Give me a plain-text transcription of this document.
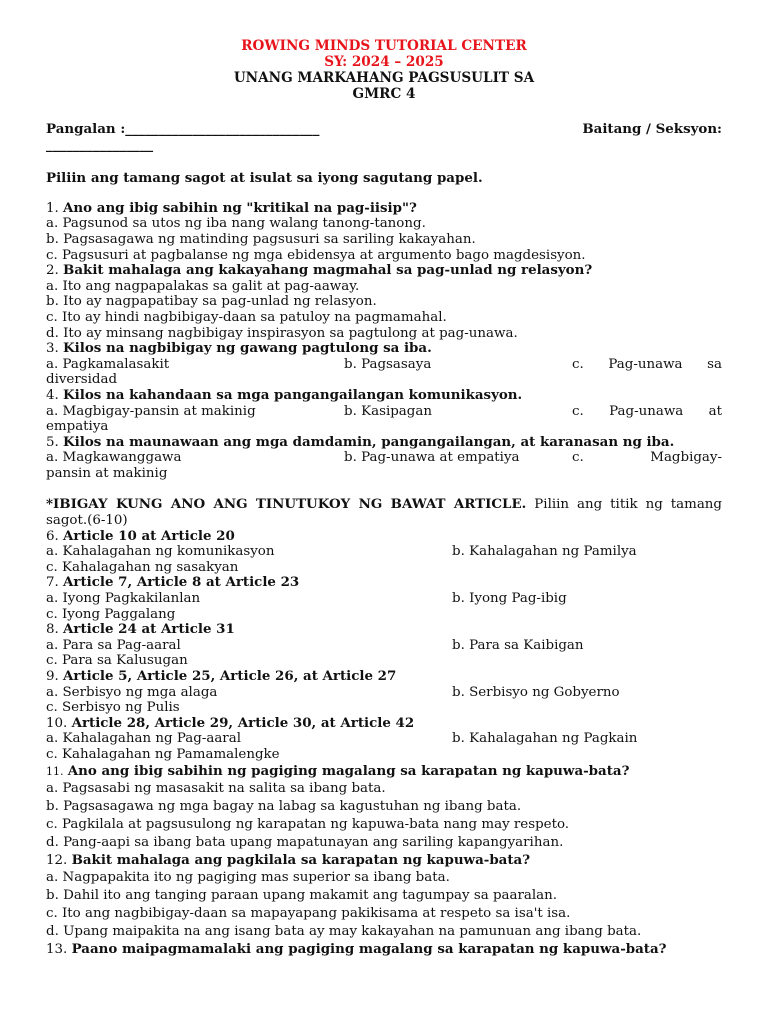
ROWING MINDS TUTORIAL CENTER
SY: 2024 – 2025
UNANG MARKAHANG PAGSUSULIT SA
GMRC 4
Pangalan :_____________________________	Baitang / Seksyon:
________________
Piliin ang tamang sagot at isulat sa iyong sagutang papel.
1. Ano ang ibig sabihin ng "kritikal na pag-iisip"?
a. Pagsunod sa utos ng iba nang walang tanong-tanong.
b. Pagsasagawa ng matinding pagsusuri sa sariling kakayahan.
c. Pagsusuri at pagbalanse ng mga ebidensya at argumento bago magdesisyon.
2. Bakit mahalaga ang kakayahang magmahal sa pag-unlad ng relasyon?
a. Ito ang nagpapalakas sa galit at pag-aaway.
b. Ito ay nagpapatibay sa pag-unlad ng relasyon.
c. Ito ay hindi nagbibigay-daan sa patuloy na pagmamahal.
d. Ito ay minsang nagbibigay inspirasyon sa pagtulong at pag-unawa.
3. Kilos na nagbibigay ng gawang pagtulong sa iba.
a. Pagkamalasakit	b. Pagsasaya	c. Pag-unawa sa
diversidad
4. Kilos na kahandaan sa mga pangangailangan komunikasyon.
a. Magbigay-pansin at makinig	b. Kasipagan	c. Pag-unawa at
empatiya
5. Kilos na maunawaan ang mga damdamin, pangangailangan, at karanasan ng iba.
a. Magkawanggawa	b. Pag-unawa at empatiya	c. Magbigay-
pansin at makinig
*IBIGAY KUNG ANO ANG TINUTUKOY NG BAWAT ARTICLE. Piliin ang titik ng tamang sagot.(6-10)
6. Article 10 at Article 20
a. Kahalagahan ng komunikasyon	b. Kahalagahan ng Pamilya
c. Kahalagahan ng sasakyan
7. Article 7, Article 8 at Article 23
a. Iyong Pagkakilanlan	b. Iyong Pag-ibig
c. Iyong Paggalang
8. Article 24 at Article 31
a. Para sa Pag-aaral	b. Para sa Kaibigan
c. Para sa Kalusugan
9. Article 5, Article 25, Article 26, at Article 27
a. Serbisyo ng mga alaga	b. Serbisyo ng Gobyerno
c. Serbisyo ng Pulis
10. Article 28, Article 29, Article 30, at Article 42
a. Kahalagahan ng Pag-aaral	b. Kahalagahan ng Pagkain
c. Kahalagahan ng Pamamalengke
11. Ano ang ibig sabihin ng pagiging magalang sa karapatan ng kapuwa-bata?
a. Pagsasabi ng masasakit na salita sa ibang bata.
b. Pagsasagawa ng mga bagay na labag sa kagustuhan ng ibang bata.
c. Pagkilala at pagsusulong ng karapatan ng kapuwa-bata nang may respeto.
d. Pang-aapi sa ibang bata upang mapatunayan ang sariling kapangyarihan.
12. Bakit mahalaga ang pagkilala sa karapatan ng kapuwa-bata?
a. Nagpapakita ito ng pagiging mas superior sa ibang bata.
b. Dahil ito ang tanging paraan upang makamit ang tagumpay sa paaralan.
c. Ito ang nagbibigay-daan sa mapayapang pakikisama at respeto sa isa't isa.
d. Upang maipakita na ang isang bata ay may kakayahan na pamunuan ang ibang bata.
13. Paano maipagmamalaki ang pagiging magalang sa karapatan ng kapuwa-bata?
